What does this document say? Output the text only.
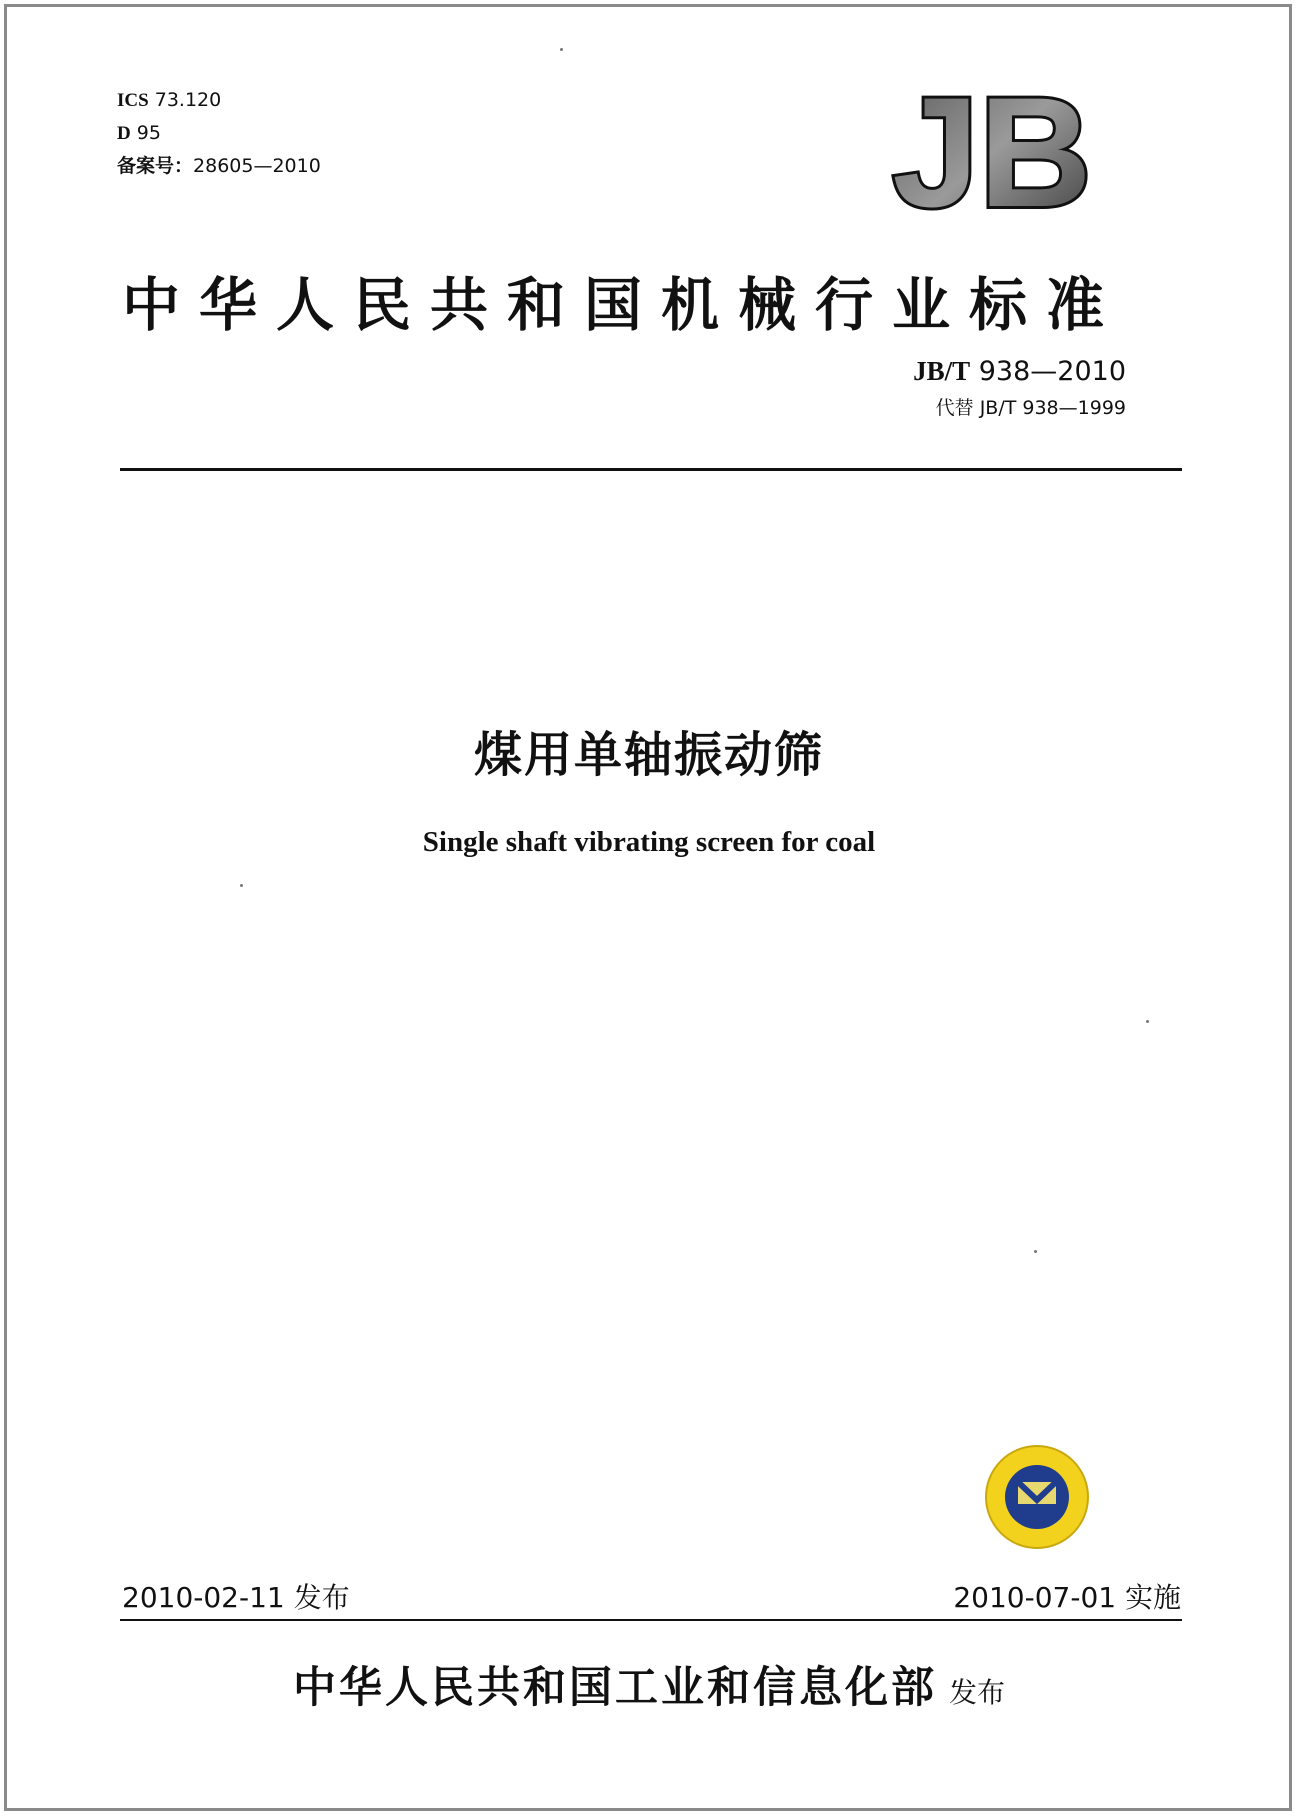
ICS 73.120
D 95
备案号：28605—2010	JB
中华人民共和国机械行业标准
JB/T 938—2010
代替 JB/T 938—1999
煤用单轴振动筛
Single shaft vibrating screen for coal
2010-02-11 发布	2010-07-01 实施
中华人民共和国工业和信息化部 发布
